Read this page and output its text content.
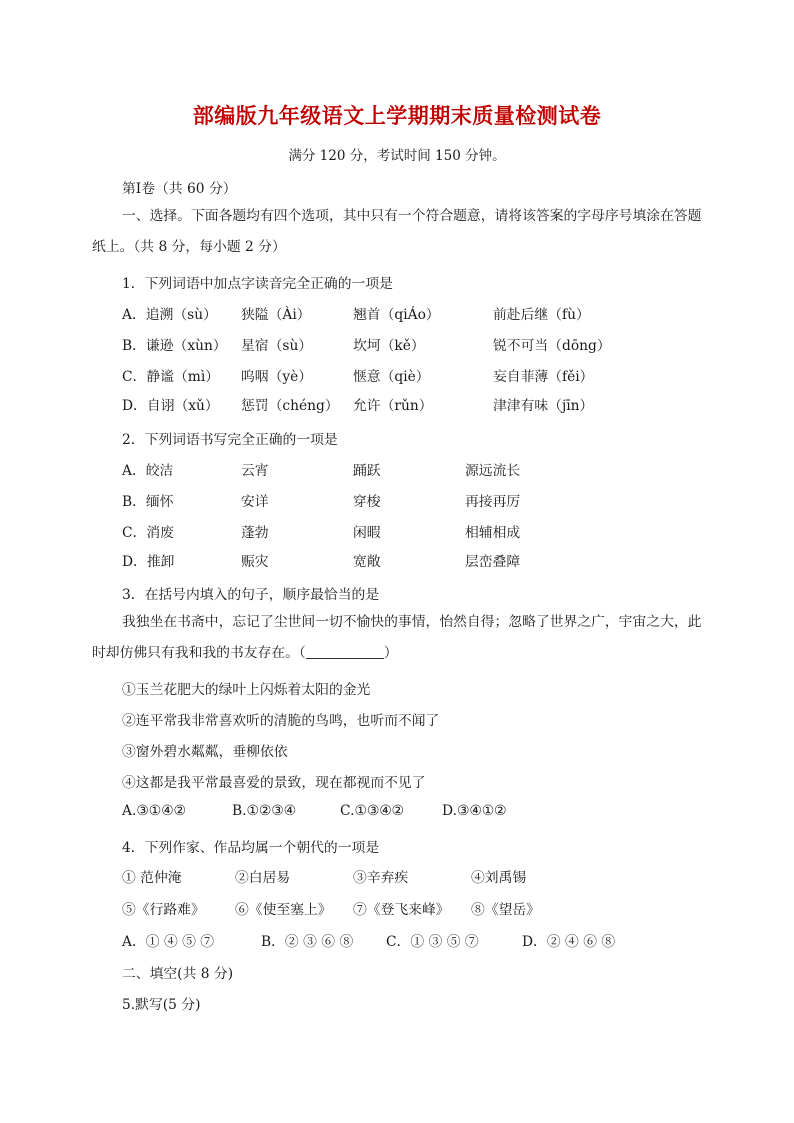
部编版九年级语文上学期期末质量检测试卷
满分 120 分，考试时间 150 分钟。
第Ⅰ卷（共 60 分）
一、选择。下面各题均有四个选项，其中只有一个符合题意，请将该答案的字母序号填涂在答题纸上。（共 8 分，每小题 2 分）
1．下列词语中加点字读音完全正确的一项是
A．追溯（sù） 狭隘（Ài）	翘首（qiÁo）	前赴后继（fù）
B．谦逊（xùn） 星宿（sù）	坎坷（kě）	锐不可当（dōng）
C．静谧（mì） 呜咽（yè）	惬意（qiè）	妄自菲薄（fěi）
D．自诩（xǔ） 惩罚（chéng） 允许（rǔn）	津津有味（jīn）
2．下列词语书写完全正确的一项是
A．皎洁	云宵	踊跃	源远流长
B．缅怀	安详	穿梭	再接再厉
C．消废	蓬勃	闲暇	相辅相成
D．推卸	赈灾	宽敞	层峦叠障
3．在括号内填入的句子，顺序最恰当的是
我独坐在书斋中，忘记了尘世间一切不愉快的事情，怡然自得；忽略了世界之广，宇宙之大，此时却仿佛只有我和我的书友存在。（	）
①玉兰花肥大的绿叶上闪烁着太阳的金光
②连平常我非常喜欢听的清脆的鸟鸣，也听而不闻了
③窗外碧水粼粼，垂柳依依
④这都是我平常最喜爱的景致，现在都视而不见了
A.③①④②	B.①②③④	C.①③④②	D.③④①②
4．下列作家、作品均属一个朝代的一项是
① 范仲淹	②白居易	③辛弃疾	④刘禹锡
⑤《行路难》 ⑥《使至塞上》 ⑦《登飞来峰》 ⑧《望岳》
A．① ④ ⑤ ⑦	B．② ③ ⑥ ⑧ C．① ③ ⑤ ⑦	D．② ④ ⑥ ⑧
二、填空(共 8 分)
5.默写(5 分)
